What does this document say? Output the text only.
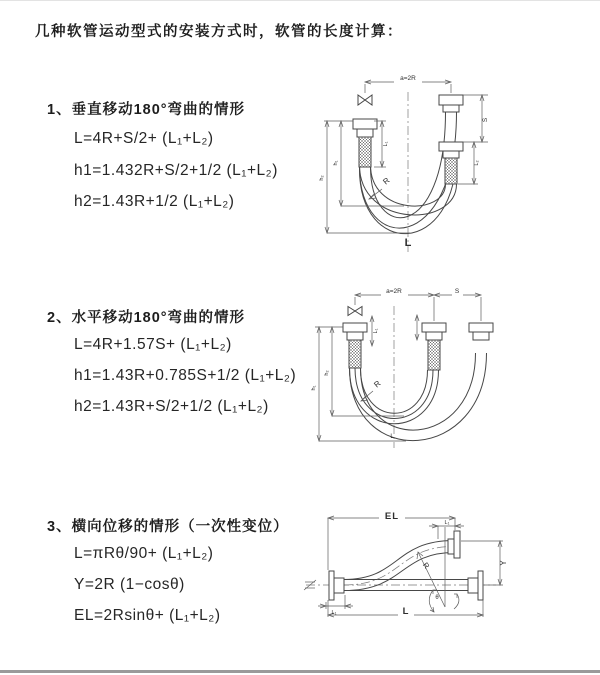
几种软管运动型式的安装方式时，软管的长度计算：
1、垂直移动180°弯曲的情形
L=4R+S/2+ (L₁+L₂)
h1=1.432R+S/2+1/2 (L₁+L₂)
h2=1.43R+1/2 (L₁+L₂)
a=2R
S
L₂
L₁
h₁
h₂	R
L
2、水平移动180°弯曲的情形
L=4R+1.57S+ (L₁+L₂)
h1=1.43R+0.785S+1/2 (L₁+L₂)
h2=1.43R+S/2+1/2 (L₁+L₂)
a=2R	S
L₁
h₂
h₁	R
L
3、横向位移的情形（一次性变位）
L=πRθ/90+ (L₁+L₂)
Y=2R (1−cosθ)
EL=2Rsinθ+ (L₁+L₂)
EL
L₁
Y
R
θ
L
L₁
